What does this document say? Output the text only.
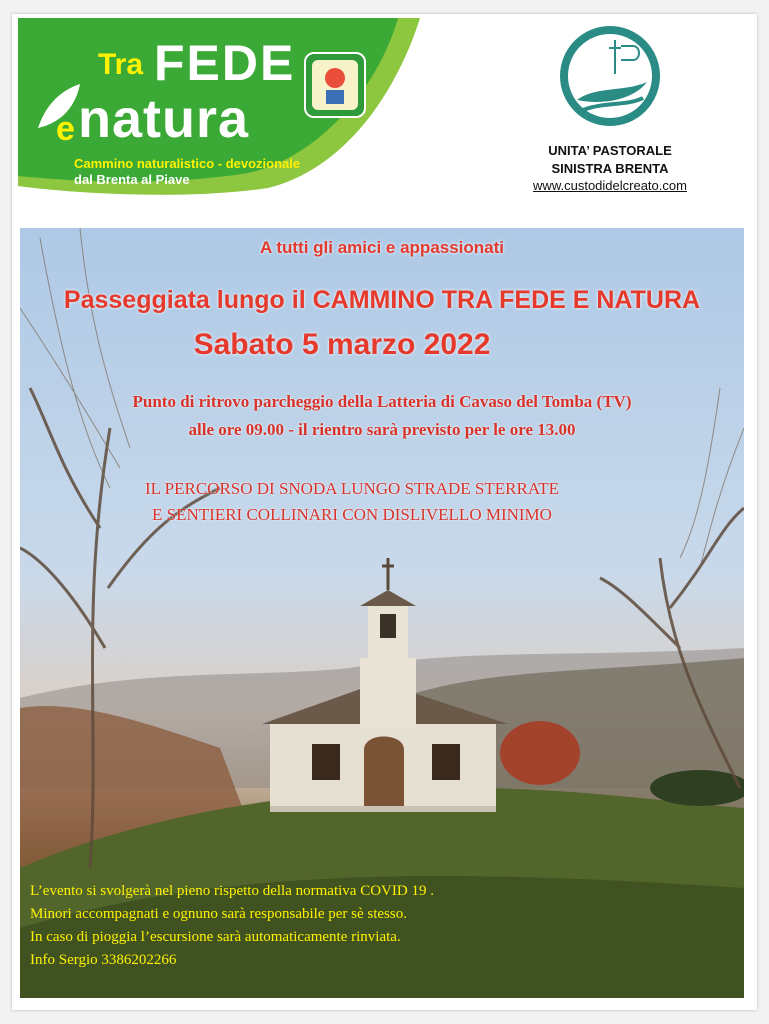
Tra FEDE
e natura
Cammino naturalistico - devozionale
dal Brenta al Piave
UNITA’ PASTORALE
SINISTRA BRENTA
www.custodidelcreato.com
A tutti gli amici e appassionati
Passeggiata lungo il CAMMINO TRA FEDE E NATURA
Sabato 5 marzo 2022
Punto di ritrovo parcheggio della Latteria di Cavaso del Tomba (TV)
alle ore 09.00 - il rientro sarà previsto per le ore 13.00
IL PERCORSO DI SNODA LUNGO STRADE STERRATE
E SENTIERI COLLINARI CON DISLIVELLO MINIMO
L’evento si svolgerà nel pieno rispetto della normativa COVID 19 .
Minori accompagnati e ognuno sarà responsabile per sè stesso.
In caso di pioggia l’escursione sarà automaticamente rinviata.
Info Sergio 3386202266
